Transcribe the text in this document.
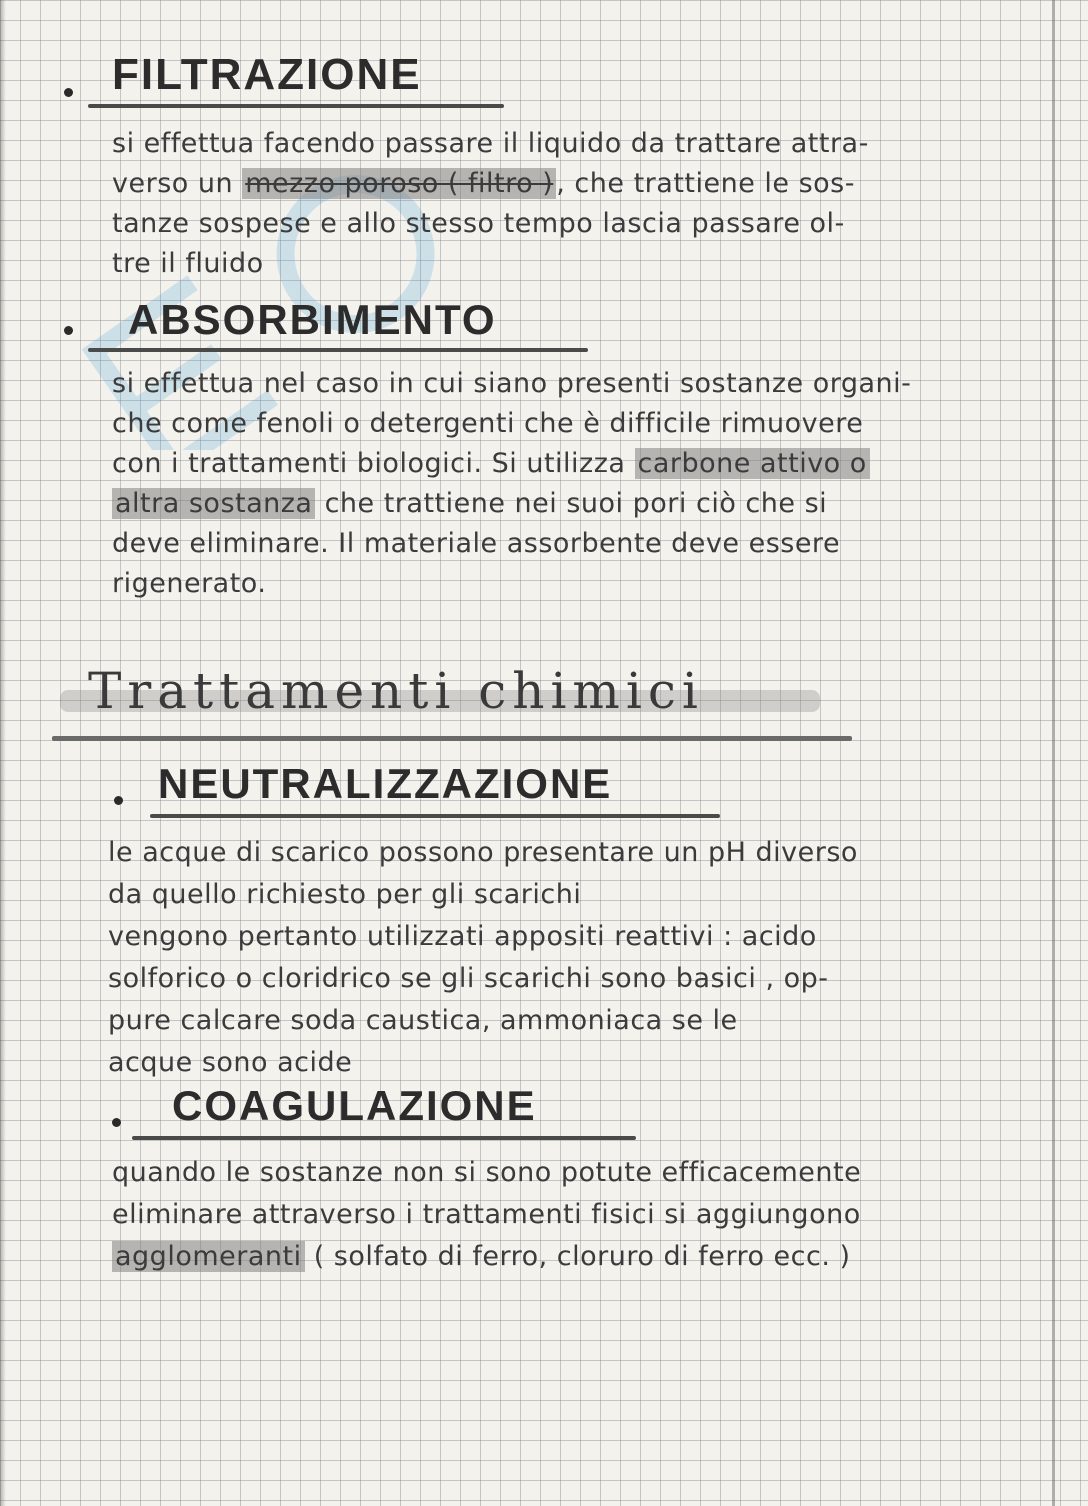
FILTRAZIONE
si effettua facendo passare il liquido da trattare attra-
verso un mezzo poroso ( filtro ) , che trattiene le sos-
tanze sospese e allo stesso tempo lascia passare ol-
tre il fluido
ABSORBIMENTO
si effettua nel caso in cui siano presenti sostanze organi-
che come fenoli o detergenti che è difficile rimuovere
con i trattamenti biologici. Si utilizza carbone attivo o
altra sostanza che trattiene nei suoi pori ciò che si
deve eliminare. Il materiale assorbente deve essere
rigenerato.
Trattamenti chimici
NEUTRALIZZAZIONE
le acque di scarico possono presentare un pH diverso
da quello richiesto per gli scarichi
vengono pertanto utilizzati appositi reattivi : acido
solforico o cloridrico se gli scarichi sono basici , op-
pure calcare soda caustica, ammoniaca se le
acque sono acide
COAGULAZIONE
quando le sostanze non si sono potute efficacemente
eliminare attraverso i trattamenti fisici si aggiungono
agglomeranti ( solfato di ferro, cloruro di ferro ecc. )
